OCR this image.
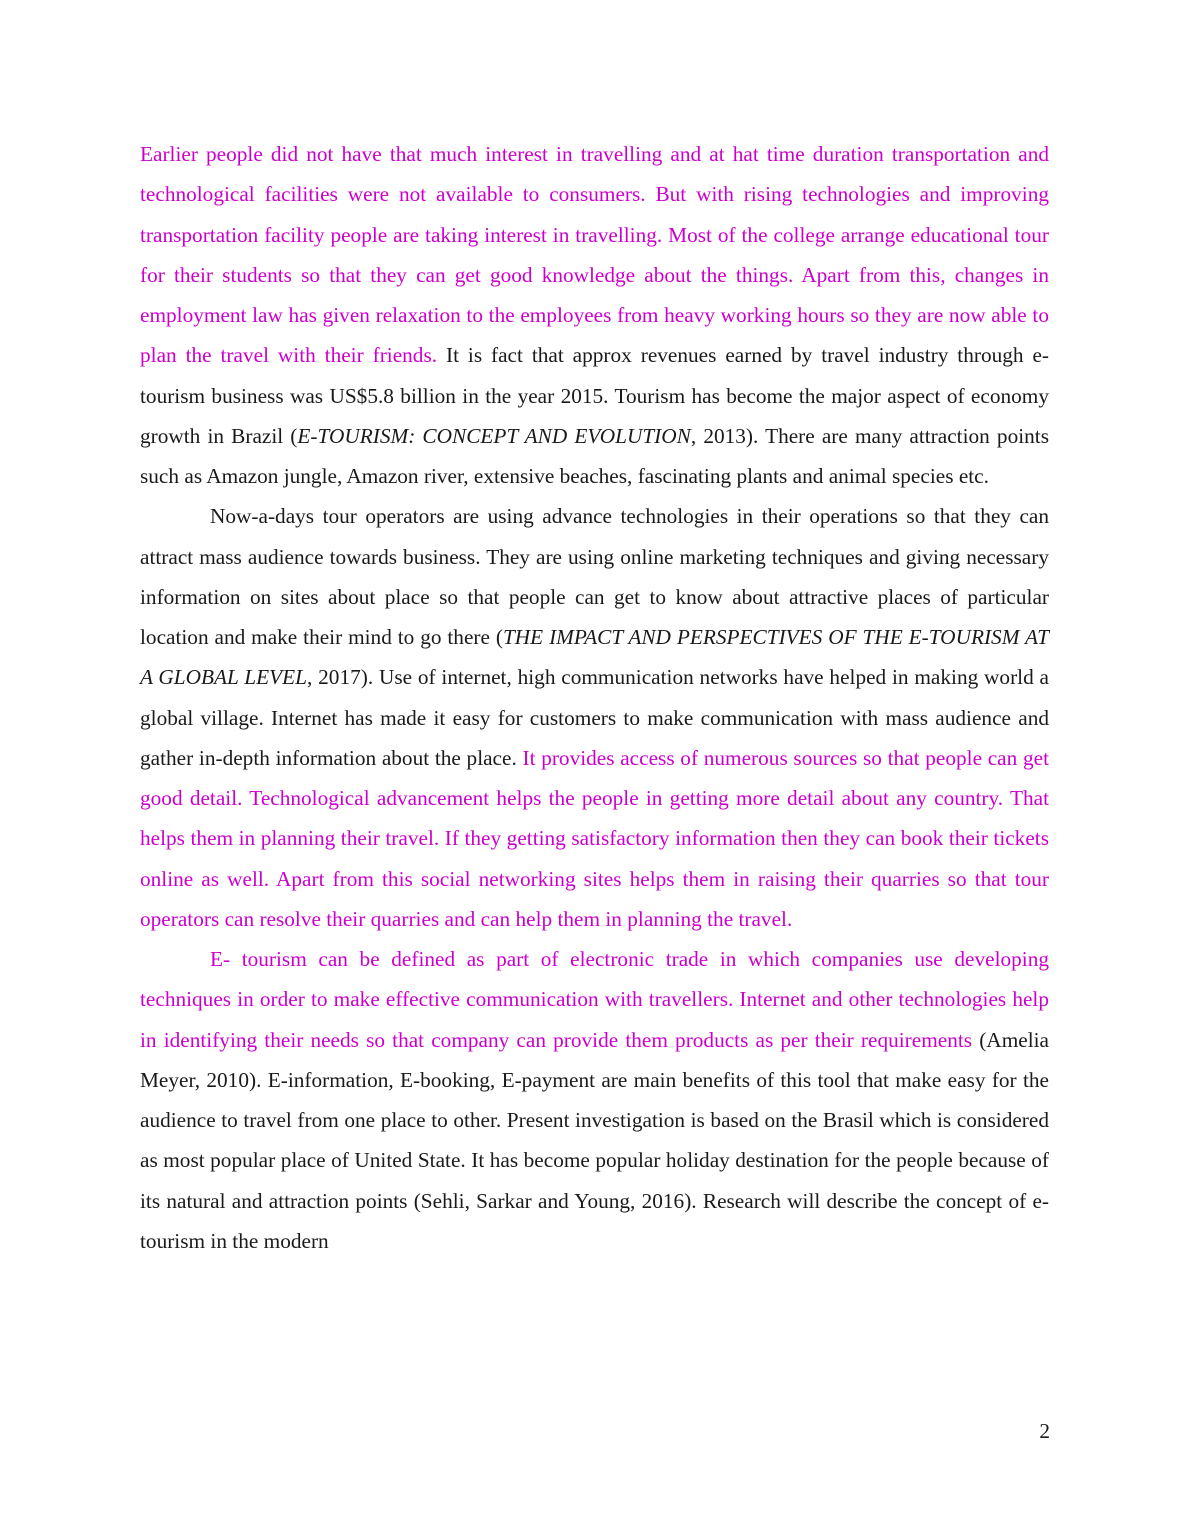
Earlier people did not have that much interest in travelling and at hat time duration transportation and technological facilities were not available to consumers. But with rising technologies and improving transportation facility people are taking interest in travelling. Most of the college arrange educational tour for their students so that they can get good knowledge about the things. Apart from this, changes in employment law has given relaxation to the employees from heavy working hours so they are now able to plan the travel with their friends. It is fact that approx revenues earned by travel industry through e-tourism business was US$5.8 billion in the year 2015. Tourism has become the major aspect of economy growth in Brazil (E-TOURISM: CONCEPT AND EVOLUTION, 2013). There are many attraction points such as Amazon jungle, Amazon river, extensive beaches, fascinating plants and animal species etc.

Now-a-days tour operators are using advance technologies in their operations so that they can attract mass audience towards business. They are using online marketing techniques and giving necessary information on sites about place so that people can get to know about attractive places of particular location and make their mind to go there (THE IMPACT AND PERSPECTIVES OF THE E-TOURISM AT A GLOBAL LEVEL, 2017). Use of internet, high communication networks have helped in making world a global village. Internet has made it easy for customers to make communication with mass audience and gather in-depth information about the place. It provides access of numerous sources so that people can get good detail. Technological advancement helps the people in getting more detail about any country. That helps them in planning their travel. If they getting satisfactory information then they can book their tickets online as well. Apart from this social networking sites helps them in raising their quarries so that tour operators can resolve their quarries and can help them in planning the travel.

E- tourism can be defined as part of electronic trade in which companies use developing techniques in order to make effective communication with travellers. Internet and other technologies help in identifying their needs so that company can provide them products as per their requirements (Amelia Meyer, 2010). E-information, E-booking, E-payment are main benefits of this tool that make easy for the audience to travel from one place to other. Present investigation is based on the Brasil which is considered as most popular place of United State. It has become popular holiday destination for the people because of its natural and attraction points (Sehli, Sarkar and Young, 2016). Research will describe the concept of e-tourism in the modern

2
